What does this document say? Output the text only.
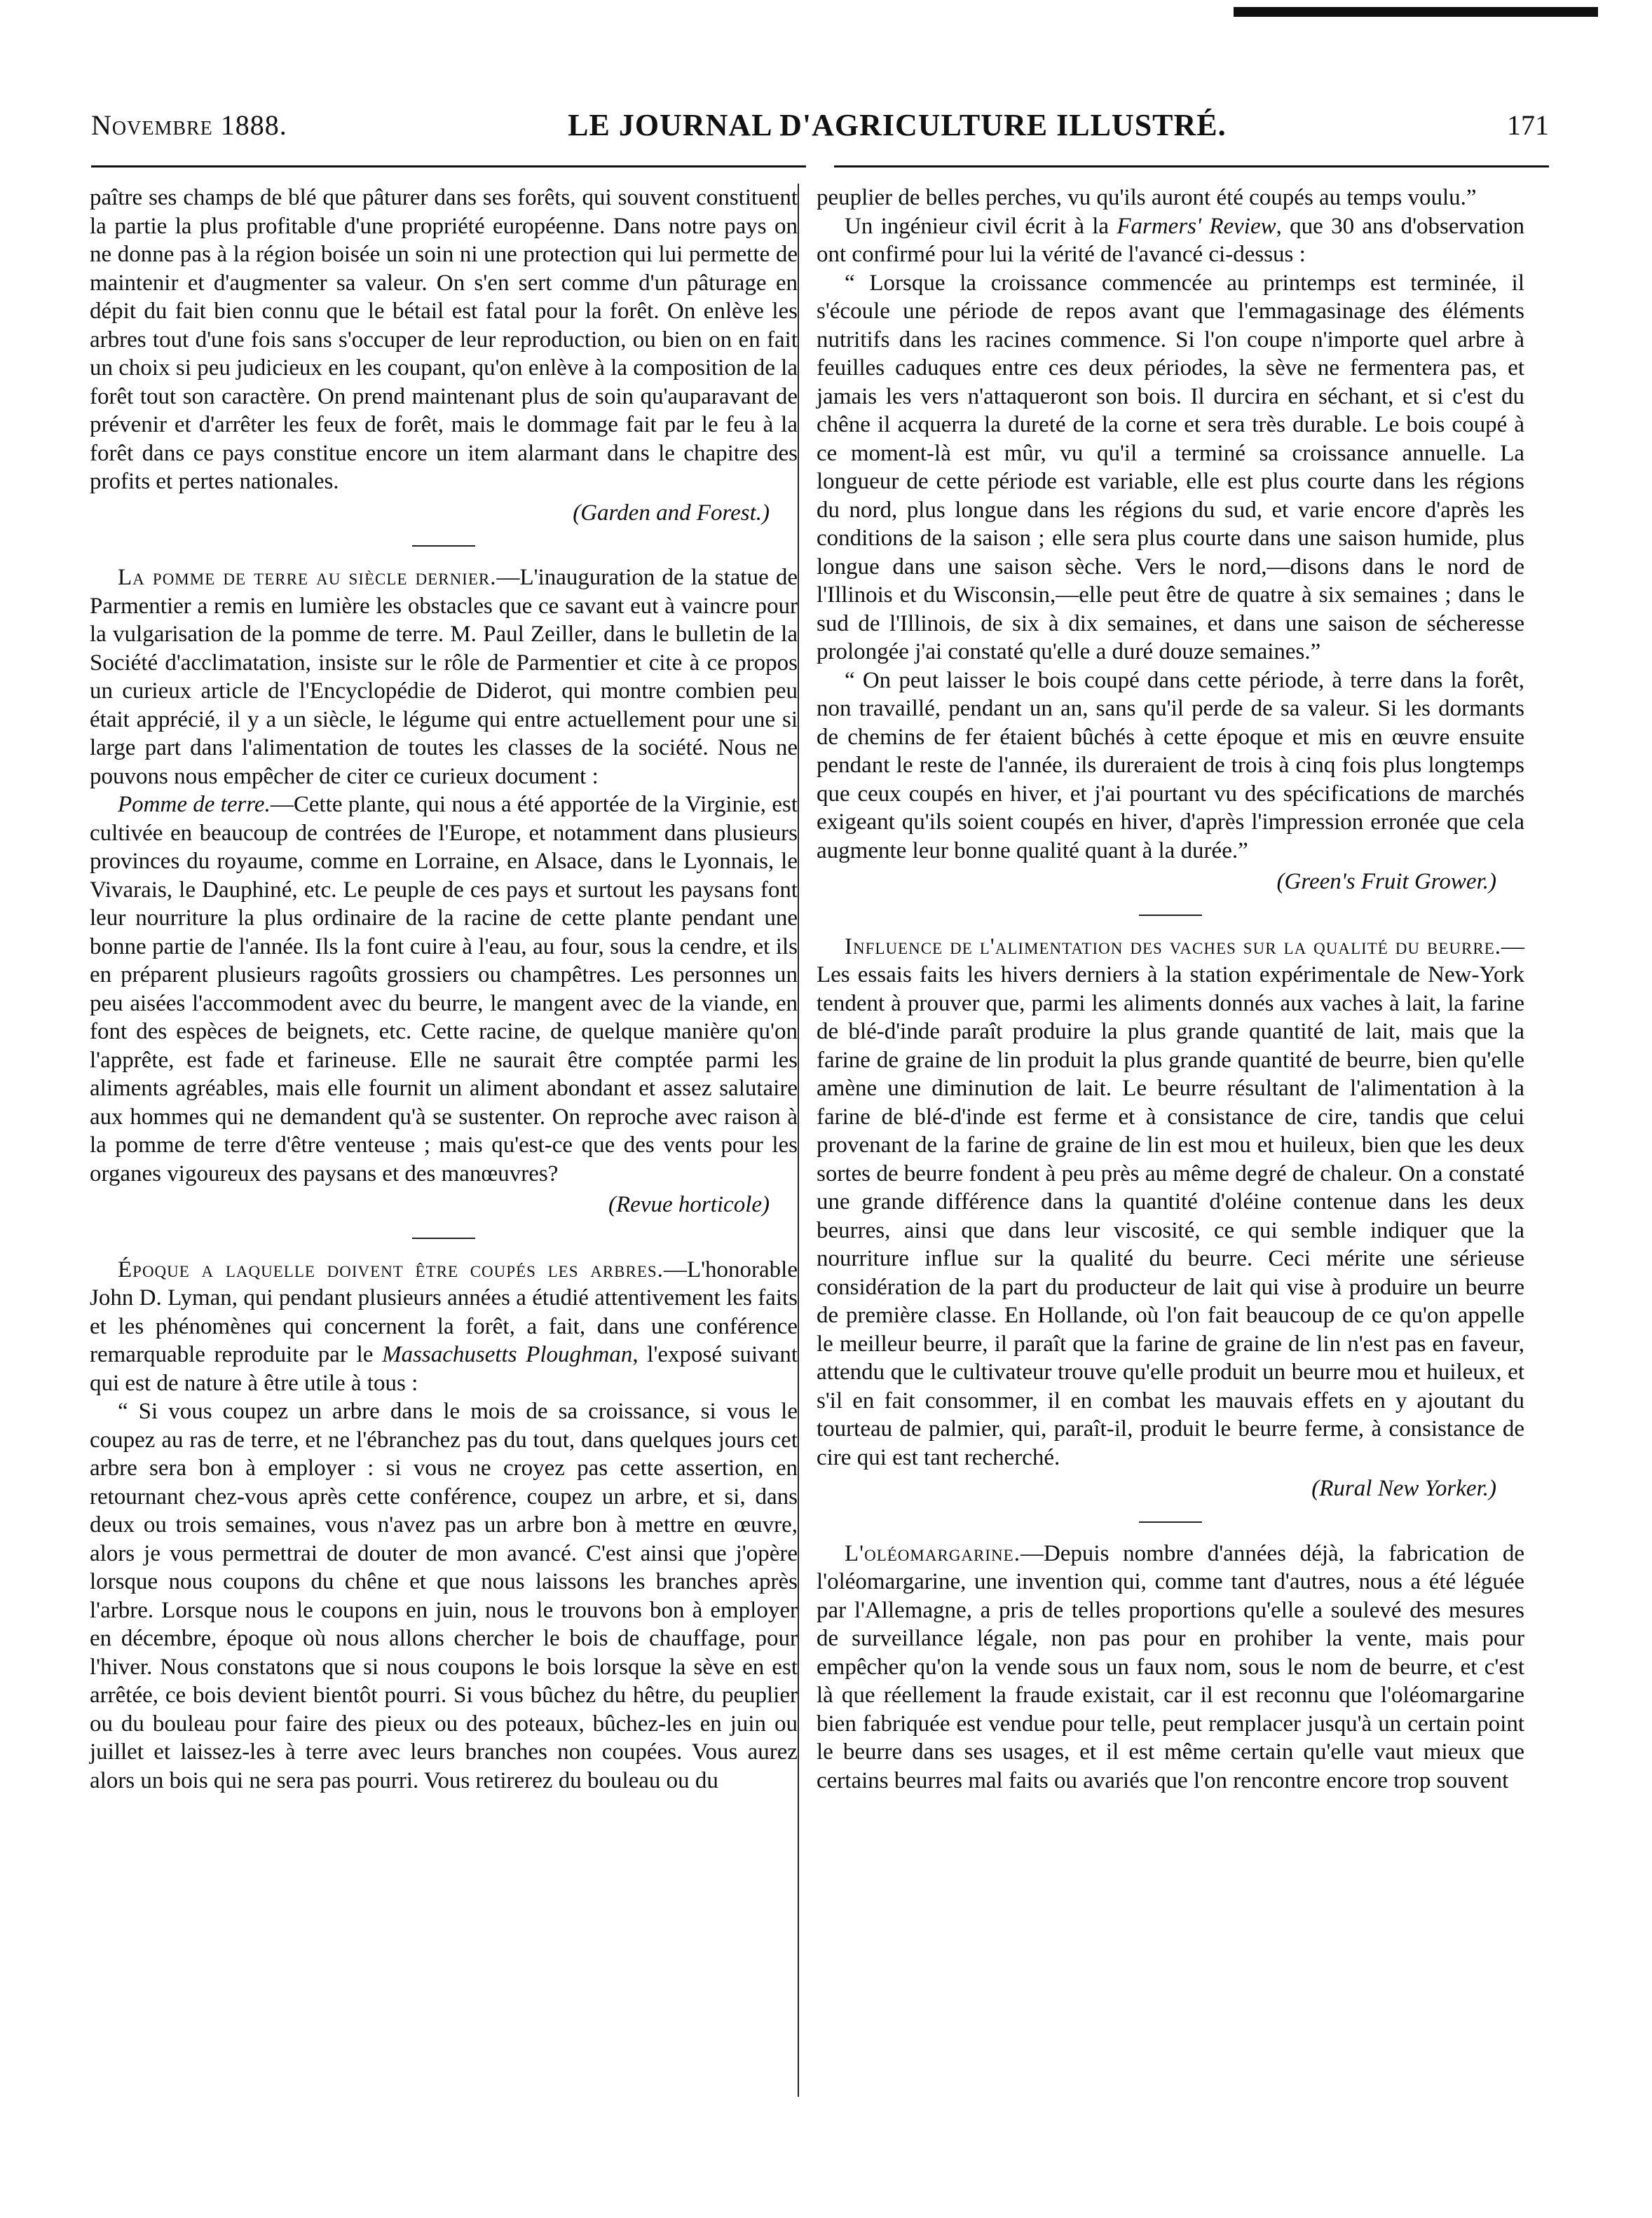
Novembre 1888.	LE JOURNAL D'AGRICULTURE ILLUSTRÉ.	171

paître ses champs de blé que pâturer dans ses forêts, qui souvent constituent la partie la plus profitable d'une propriété européenne. Dans notre pays on ne donne pas à la région boisée un soin ni une protection qui lui permette de maintenir et d'augmenter sa valeur. On s'en sert comme d'un pâturage en dépit du fait bien connu que le bétail est fatal pour la forêt. On enlève les arbres tout d'une fois sans s'occuper de leur reproduction, ou bien on en fait un choix si peu judicieux en les coupant, qu'on enlève à la composition de la forêt tout son caractère. On prend maintenant plus de soin qu'auparavant de prévenir et d'arrêter les feux de forêt, mais le dommage fait par le feu à la forêt dans ce pays constitue encore un item alarmant dans le chapitre des profits et pertes nationales.

(Garden and Forest.)

La pomme de terre au siècle dernier.—L'inauguration de la statue de Parmentier a remis en lumière les obstacles que ce savant eut à vaincre pour la vulgarisation de la pomme de terre. M. Paul Zeiller, dans le bulletin de la Société d'acclimatation, insiste sur le rôle de Parmentier et cite à ce propos un curieux article de l'Encyclopédie de Diderot, qui montre combien peu était apprécié, il y a un siècle, le légume qui entre actuellement pour une si large part dans l'alimentation de toutes les classes de la société. Nous ne pouvons nous empêcher de citer ce curieux document :

Pomme de terre.—Cette plante, qui nous a été apportée de la Virginie, est cultivée en beaucoup de contrées de l'Europe, et notamment dans plusieurs provinces du royaume, comme en Lorraine, en Alsace, dans le Lyonnais, le Vivarais, le Dauphiné, etc. Le peuple de ces pays et surtout les paysans font leur nourriture la plus ordinaire de la racine de cette plante pendant une bonne partie de l'année. Ils la font cuire à l'eau, au four, sous la cendre, et ils en préparent plusieurs ragoûts grossiers ou champêtres. Les personnes un peu aisées l'accommodent avec du beurre, le mangent avec de la viande, en font des espèces de beignets, etc. Cette racine, de quelque manière qu'on l'apprête, est fade et farineuse. Elle ne saurait être comptée parmi les aliments agréables, mais elle fournit un aliment abondant et assez salutaire aux hommes qui ne demandent qu'à se sustenter. On reproche avec raison à la pomme de terre d'être venteuse ; mais qu'est-ce que des vents pour les organes vigoureux des paysans et des manœuvres?

(Revue horticole)

Époque a laquelle doivent être coupés les arbres.—L'honorable John D. Lyman, qui pendant plusieurs années a étudié attentivement les faits et les phénomènes qui concernent la forêt, a fait, dans une conférence remarquable reproduite par le Massachusetts Ploughman, l'exposé suivant qui est de nature à être utile à tous :

“ Si vous coupez un arbre dans le mois de sa croissance, si vous le coupez au ras de terre, et ne l'ébranchez pas du tout, dans quelques jours cet arbre sera bon à employer : si vous ne croyez pas cette assertion, en retournant chez-vous après cette conférence, coupez un arbre, et si, dans deux ou trois semaines, vous n'avez pas un arbre bon à mettre en œuvre, alors je vous permettrai de douter de mon avancé. C'est ainsi que j'opère lorsque nous coupons du chêne et que nous laissons les branches après l'arbre. Lorsque nous le coupons en juin, nous le trouvons bon à employer en décembre, époque où nous allons chercher le bois de chauffage, pour l'hiver. Nous constatons que si nous coupons le bois lorsque la sève en est arrêtée, ce bois devient bientôt pourri. Si vous bûchez du hêtre, du peuplier ou du bouleau pour faire des pieux ou des poteaux, bûchez-les en juin ou juillet et laissez-les à terre avec leurs branches non coupées. Vous aurez alors un bois qui ne sera pas pourri. Vous retirerez du bouleau ou du

peuplier de belles perches, vu qu'ils auront été coupés au temps voulu.”

Un ingénieur civil écrit à la Farmers' Review, que 30 ans d'observation ont confirmé pour lui la vérité de l'avancé ci-dessus :

“ Lorsque la croissance commencée au printemps est terminée, il s'écoule une période de repos avant que l'emmagasinage des éléments nutritifs dans les racines commence. Si l'on coupe n'importe quel arbre à feuilles caduques entre ces deux périodes, la sève ne fermentera pas, et jamais les vers n'attaqueront son bois. Il durcira en séchant, et si c'est du chêne il acquerra la dureté de la corne et sera très durable. Le bois coupé à ce moment-là est mûr, vu qu'il a terminé sa croissance annuelle. La longueur de cette période est variable, elle est plus courte dans les régions du nord, plus longue dans les régions du sud, et varie encore d'après les conditions de la saison ; elle sera plus courte dans une saison humide, plus longue dans une saison sèche. Vers le nord,—disons dans le nord de l'Illinois et du Wisconsin,—elle peut être de quatre à six semaines ; dans le sud de l'Illinois, de six à dix semaines, et dans une saison de sécheresse prolongée j'ai constaté qu'elle a duré douze semaines.”

“ On peut laisser le bois coupé dans cette période, à terre dans la forêt, non travaillé, pendant un an, sans qu'il perde de sa valeur. Si les dormants de chemins de fer étaient bûchés à cette époque et mis en œuvre ensuite pendant le reste de l'année, ils dureraient de trois à cinq fois plus longtemps que ceux coupés en hiver, et j'ai pourtant vu des spécifications de marchés exigeant qu'ils soient coupés en hiver, d'après l'impression erronée que cela augmente leur bonne qualité quant à la durée.”

(Green's Fruit Grower.)

Influence de l'alimentation des vaches sur la qualité du beurre.—Les essais faits les hivers derniers à la station expérimentale de New-York tendent à prouver que, parmi les aliments donnés aux vaches à lait, la farine de blé-d'inde paraît produire la plus grande quantité de lait, mais que la farine de graine de lin produit la plus grande quantité de beurre, bien qu'elle amène une diminution de lait. Le beurre résultant de l'alimentation à la farine de blé-d'inde est ferme et à consistance de cire, tandis que celui provenant de la farine de graine de lin est mou et huileux, bien que les deux sortes de beurre fondent à peu près au même degré de chaleur. On a constaté une grande différence dans la quantité d'oléine contenue dans les deux beurres, ainsi que dans leur viscosité, ce qui semble indiquer que la nourriture influe sur la qualité du beurre. Ceci mérite une sérieuse considération de la part du producteur de lait qui vise à produire un beurre de première classe. En Hollande, où l'on fait beaucoup de ce qu'on appelle le meilleur beurre, il paraît que la farine de graine de lin n'est pas en faveur, attendu que le cultivateur trouve qu'elle produit un beurre mou et huileux, et s'il en fait consommer, il en combat les mauvais effets en y ajoutant du tourteau de palmier, qui, paraît-il, produit le beurre ferme, à consistance de cire qui est tant recherché.

(Rural New Yorker.)

L'oléomargarine.—Depuis nombre d'années déjà, la fabrication de l'oléomargarine, une invention qui, comme tant d'autres, nous a été léguée par l'Allemagne, a pris de telles proportions qu'elle a soulevé des mesures de surveillance légale, non pas pour en prohiber la vente, mais pour empêcher qu'on la vende sous un faux nom, sous le nom de beurre, et c'est là que réellement la fraude existait, car il est reconnu que l'oléomargarine bien fabriquée est vendue pour telle, peut remplacer jusqu'à un certain point le beurre dans ses usages, et il est même certain qu'elle vaut mieux que certains beurres mal faits ou avariés que l'on rencontre encore trop souvent
